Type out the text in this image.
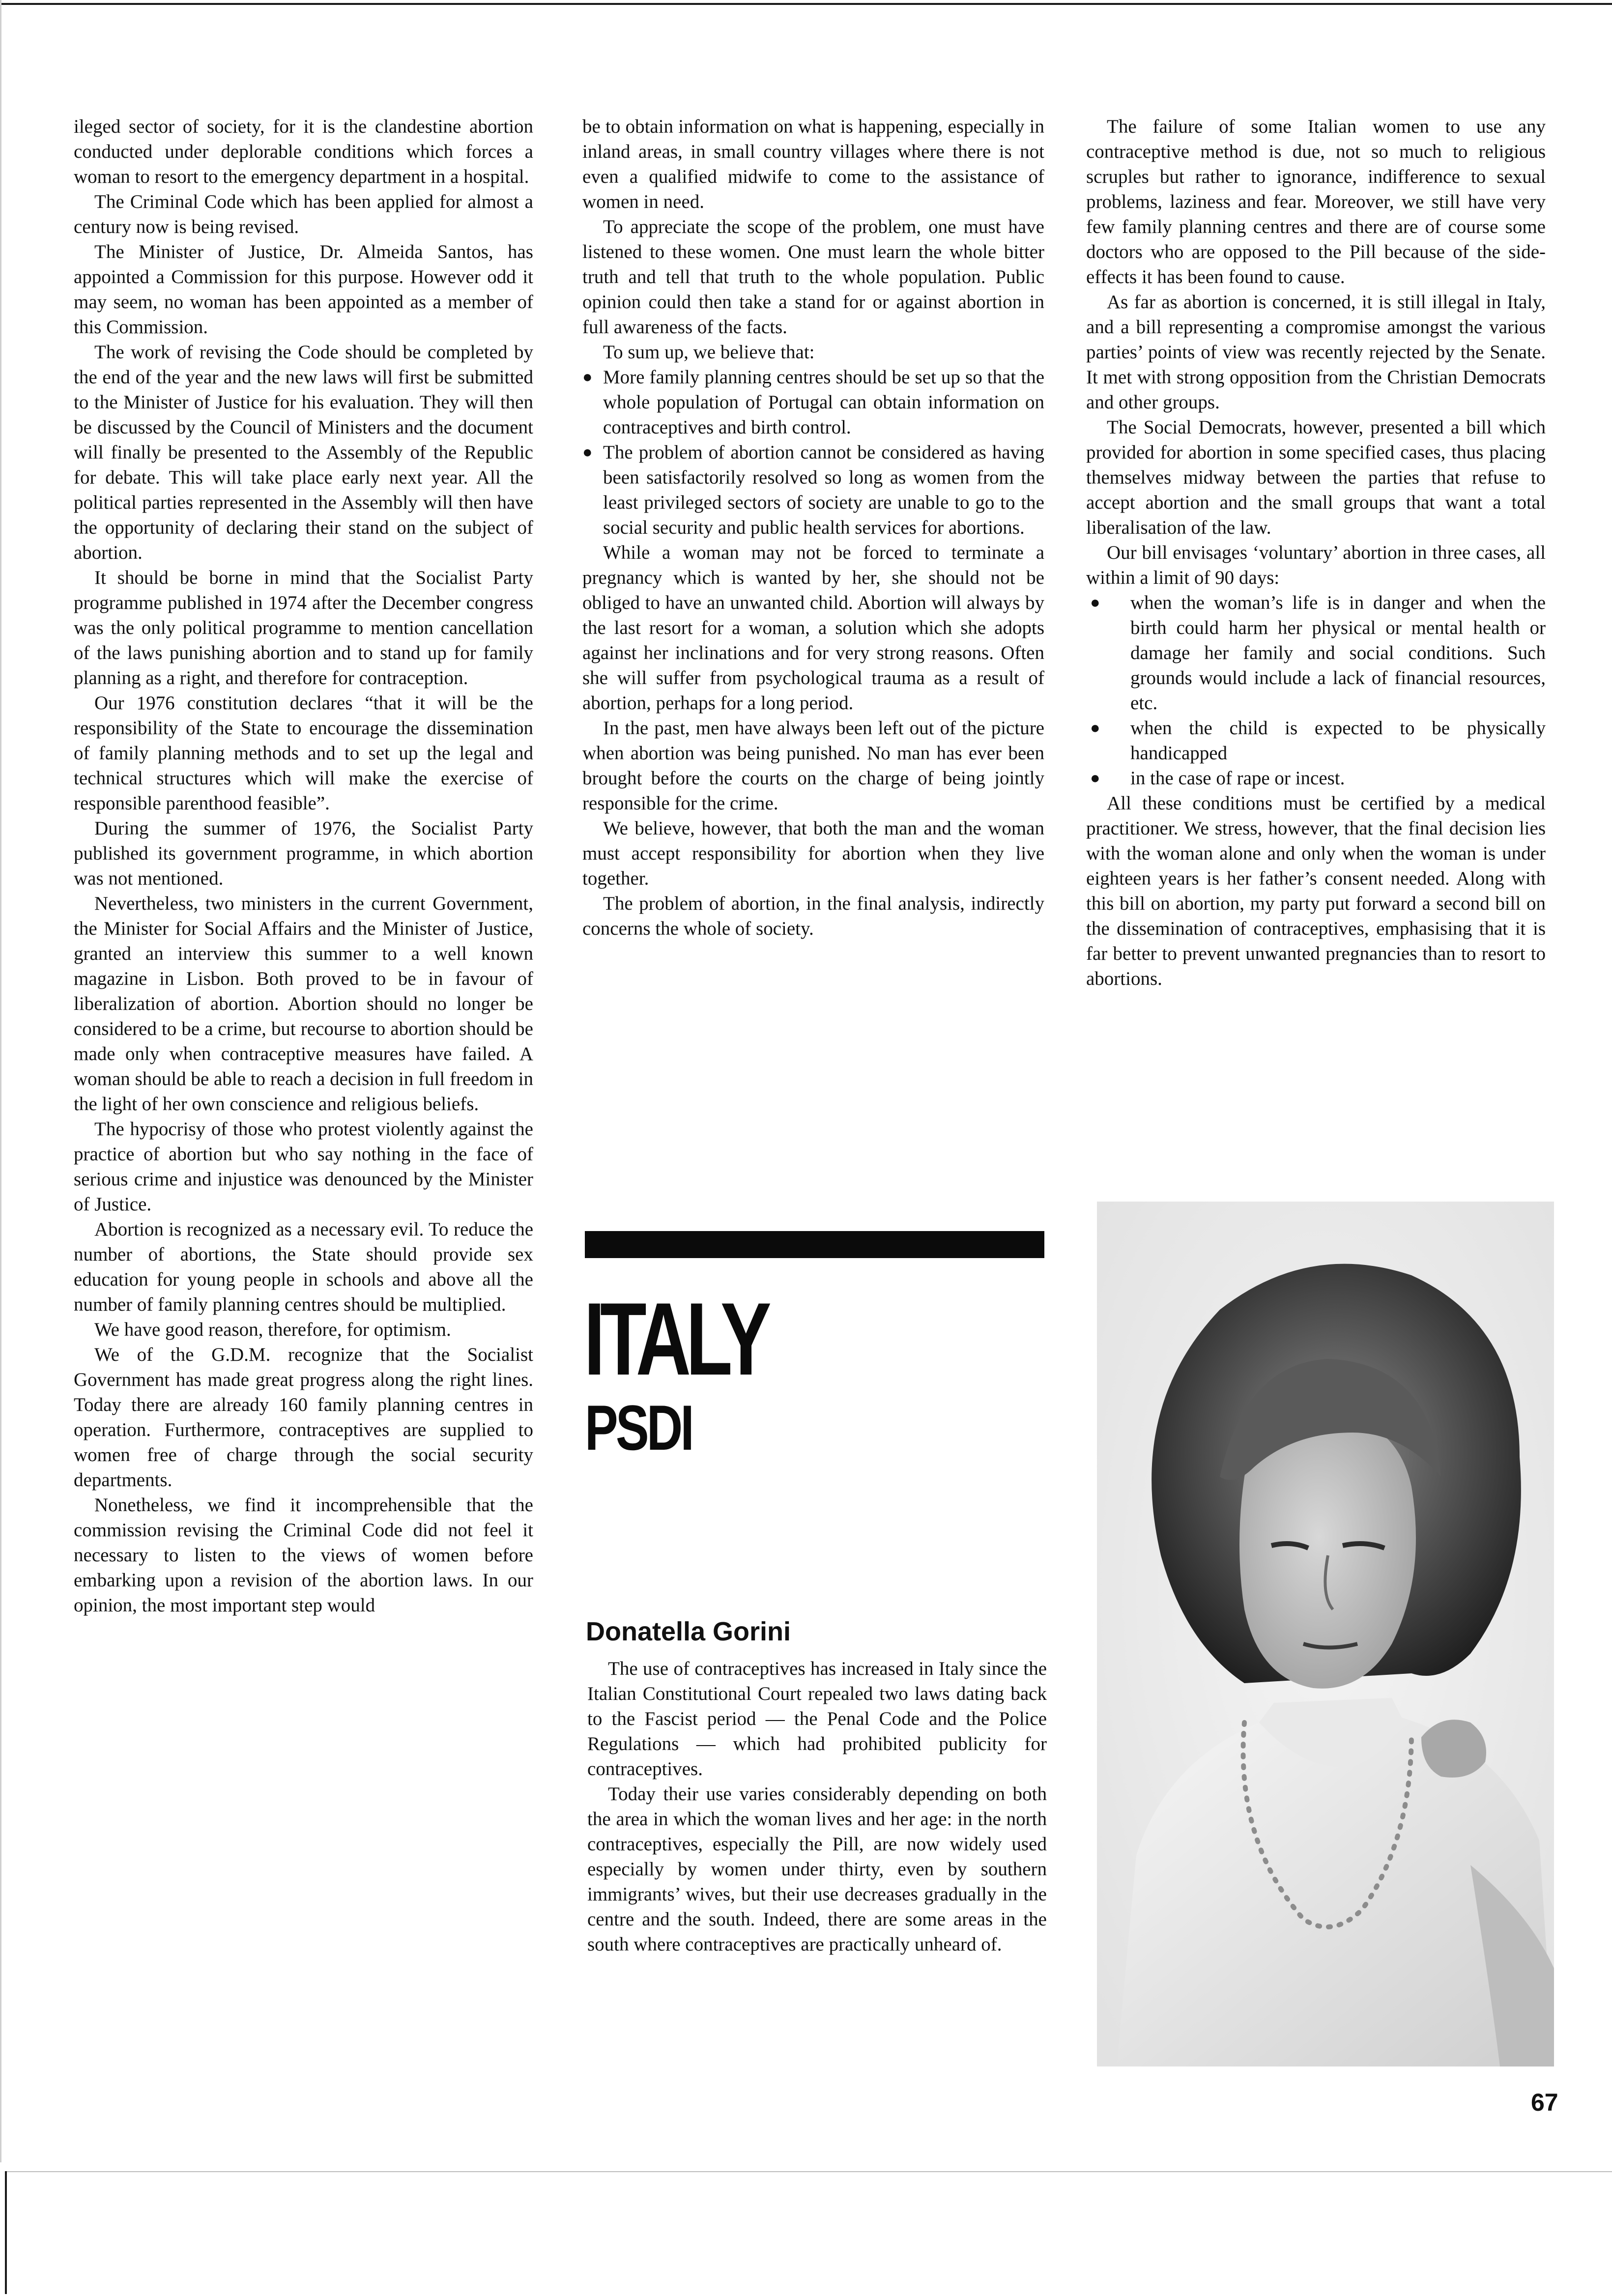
ileged sector of society, for it is the clandestine abortion conducted under deplorable conditions which forces a woman to resort to the emergency department in a hospital.

The Criminal Code which has been applied for almost a century now is being revised.

The Minister of Justice, Dr. Almeida Santos, has appointed a Commission for this purpose. However odd it may seem, no woman has been appointed as a member of this Commission.

The work of revising the Code should be completed by the end of the year and the new laws will first be submitted to the Minister of Justice for his evaluation. They will then be discussed by the Council of Ministers and the document will finally be presented to the Assembly of the Republic for debate. This will take place early next year. All the political parties represented in the Assembly will then have the opportunity of declaring their stand on the subject of abortion.

It should be borne in mind that the Socialist Party programme published in 1974 after the December congress was the only political programme to mention cancellation of the laws punishing abortion and to stand up for family planning as a right, and therefore for contraception.

Our 1976 constitution declares “that it will be the responsibility of the State to encourage the dissemination of family planning methods and to set up the legal and technical structures which will make the exercise of responsible parenthood feasible”.

During the summer of 1976, the Socialist Party published its government programme, in which abortion was not mentioned.

Nevertheless, two ministers in the current Government, the Minister for Social Affairs and the Minister of Justice, granted an interview this summer to a well known magazine in Lisbon. Both proved to be in favour of liberalization of abortion. Abortion should no longer be considered to be a crime, but recourse to abortion should be made only when contraceptive measures have failed. A woman should be able to reach a decision in full freedom in the light of her own conscience and religious beliefs.

The hypocrisy of those who protest violently against the practice of abortion but who say nothing in the face of serious crime and injustice was denounced by the Minister of Justice.

Abortion is recognized as a necessary evil. To reduce the number of abortions, the State should provide sex education for young people in schools and above all the number of family planning centres should be multiplied.

We have good reason, therefore, for optimism.

We of the G.D.M. recognize that the Socialist Government has made great progress along the right lines. Today there are already 160 family planning centres in operation. Furthermore, contraceptives are supplied to women free of charge through the social security departments.

Nonetheless, we find it incomprehensible that the commission revising the Criminal Code did not feel it necessary to listen to the views of women before embarking upon a revision of the abortion laws. In our opinion, the most important step would

be to obtain information on what is happening, especially in inland areas, in small country villages where there is not even a qualified midwife to come to the assistance of women in need.

To appreciate the scope of the problem, one must have listened to these women. One must learn the whole bitter truth and tell that truth to the whole population. Public opinion could then take a stand for or against abortion in full awareness of the facts.

To sum up, we believe that:

● More family planning centres should be set up so that the whole population of Portugal can obtain information on contraceptives and birth control.
● The problem of abortion cannot be considered as having been satisfactorily resolved so long as women from the least privileged sectors of society are unable to go to the social security and public health services for abortions.

While a woman may not be forced to terminate a pregnancy which is wanted by her, she should not be obliged to have an unwanted child. Abortion will always by the last resort for a woman, a solution which she adopts against her inclinations and for very strong reasons. Often she will suffer from psychological trauma as a result of abortion, perhaps for a long period.

In the past, men have always been left out of the picture when abortion was being punished. No man has ever been brought before the courts on the charge of being jointly responsible for the crime.

We believe, however, that both the man and the woman must accept responsibility for abortion when they live together.

The problem of abortion, in the final analysis, indirectly concerns the whole of society.

The failure of some Italian women to use any contraceptive method is due, not so much to religious scruples but rather to ignorance, indifference to sexual problems, laziness and fear. Moreover, we still have very few family planning centres and there are of course some doctors who are opposed to the Pill because of the side-effects it has been found to cause.

As far as abortion is concerned, it is still illegal in Italy, and a bill representing a compromise amongst the various parties’ points of view was recently rejected by the Senate. It met with strong opposition from the Christian Democrats and other groups.

The Social Democrats, however, presented a bill which provided for abortion in some specified cases, thus placing themselves midway between the parties that refuse to accept abortion and the small groups that want a total liberalisation of the law.

Our bill envisages ‘voluntary’ abortion in three cases, all within a limit of 90 days:

● when the woman’s life is in danger and when the birth could harm her physical or mental health or damage her family and social conditions. Such grounds would include a lack of financial resources, etc.
● when the child is expected to be physically handicapped
● in the case of rape or incest.

All these conditions must be certified by a medical practitioner. We stress, however, that the final decision lies with the woman alone and only when the woman is under eighteen years is her father’s consent needed. Along with this bill on abortion, my party put forward a second bill on the dissemination of contraceptives, emphasising that it is far better to prevent unwanted pregnancies than to resort to abortions.

ITALY
PSDI
Donatella Gorini

The use of contraceptives has increased in Italy since the Italian Constitutional Court repealed two laws dating back to the Fascist period — the Penal Code and the Police Regulations — which had prohibited publicity for contraceptives.

Today their use varies considerably depending on both the area in which the woman lives and her age: in the north contraceptives, especially the Pill, are now widely used especially by women under thirty, even by southern immigrants’ wives, but their use decreases gradually in the centre and the south. Indeed, there are some areas in the south where contraceptives are practically unheard of.

67
